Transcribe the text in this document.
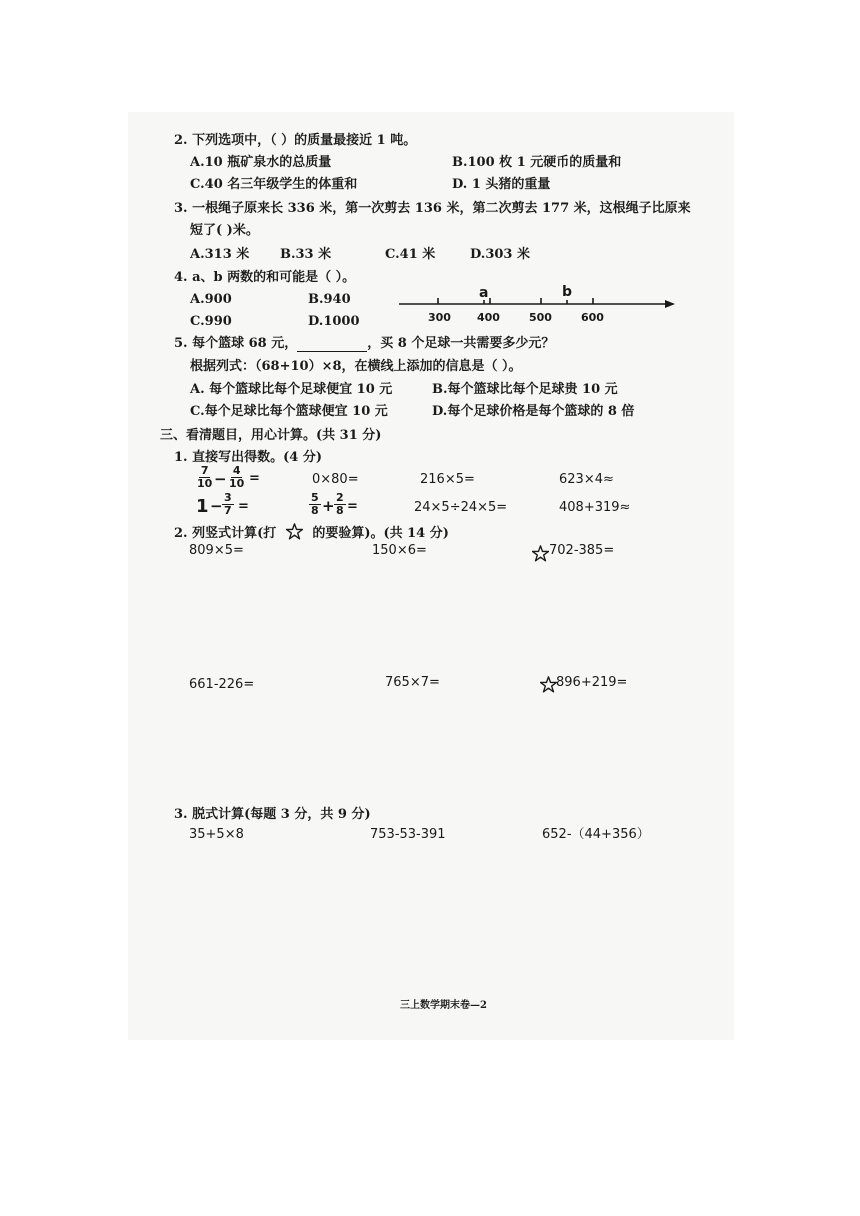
2. 下列选项中，（ ）的质量最接近 1 吨。
A.10 瓶矿泉水的总质量	B.100 枚 1 元硬币的质量和
C.40 名三年级学生的体重和	D. 1 头猪的重量
3. 一根绳子原来长 336 米，第一次剪去 136 米，第二次剪去 177 米，这根绳子比原来
短了( )米。
A.313 米 B.33 米	C.41 米	D.303 米
4. a、b 两数的和可能是（ ）。
A.900	B.940
C.990	D.1000
a	b
300 400	500	600
5. 每个篮球 68 元，	，买 8 个足球一共需要多少元？
根据列式：（68+10）×8，在横线上添加的信息是（ ）。
A. 每个篮球比每个足球便宜 10 元	B.每个篮球比每个足球贵 10 元
C.每个足球比每个篮球便宜 10 元	D.每个足球价格是每个篮球的 8 倍
三、看清题目，用心计算。(共 31 分)
1. 直接写出得数。(4 分)
$\frac{7}{10} - \frac{4}{10}$ =	0×80=	216×5=	623×4≈
$1 - \frac{3}{7}$ =	$\frac{5}{8} + \frac{2}{8}$ =	24×5÷24×5=	408+319≈
2. 列竖式计算(打	的要验算)。(共 14 分)
809×5=	150×6=	702-385=
661-226=	765×7=	896+219=
3. 脱式计算(每题 3 分，共 9 分)
35+5×8	753-53-391	652-（44+356）
三上数学期末卷—2
